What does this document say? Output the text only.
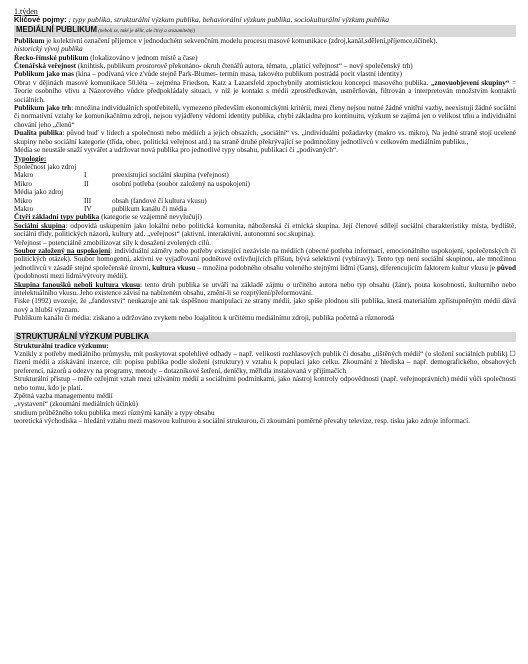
1.týden

Klíčové pojmy: ; typy publika, strukturální výzkum publika, behaviorální výzkum publika, sociokulturální výzkum publika

MEDIÁLNÍ PUBLIKUM (neboli se, také je dělit, ale čtivý a srozumitelný)

Publikum je kolektivní označení příjemce v jednoduchém sekvenčním modelu procesu masové komunikace (zdroj,kanál,sdělení,příjemce,účinek).

historický vývoj publika

Řecko-římské publikum (lokalizováno v jednom místě a čase)

Čtenářská veřejnost (knihtisk, publikum prostorově překonáno- okruh čtenářů autora, tématu, „platící veřejnost“ – nový společenský trh)

Publikum jako mas (kina – podívaná více z'vůde stejně Park-Blumer- termín masa, takovéto publikum postrádá pocit vlastní identity)

Obrat v dějinách masové komunikace 50.léta – zejména Friedson, Katz a Lazarsfeld zpochybnily atomistickou koncepci masového publika. „znovuobjevení skupiny“ = Teorie osobního vlivu a Názorového vůdce předpokládaly situaci, v níž je kontakt s médii zprostředkován, usměrňován, filtrován a interpretován množstvím kontaktů sociálních.

Publikum jako trh: množina individuálních spotřebitelů, vymezeno především ekonomickými kritérii, mezi členy nejsou nutné žádné vnitřní vazby, neexistují žádné sociální či normativní vztahy ke komunikačnímu zdroji, nejsou vyjádřeny vědomí identity publika, chybí základna pro kontinuitu, výzkum se zajímá jen o velikost trhu a individuální chování jeho „členů“

Dualita publika: původ buď v lidech a společnosti nebo médiích a jejich obsazích, „sociální“ vs. „individuální požadavky (makro vs. mikro), Na jedné straně stojí ucelené skupiny nebo sociální kategorie (třída, obec, politická veřejnost atd.) na straně druhé překrývající se podmnožiny jednotlivců v celkovém mediálním publiku.,

Média se neustále snaží vytvářet a udržovat nová publika pro jednotlivé typy obsahu, publikaci či „podívaných“.

Typologie:

Společnost jako zdroj

Makro	I	preexistující sociální skupina (veřejnost)
Mikro	II	osobní potřeba (soubor založený na uspokojení)

Média jako zdroj

Mikro	III	obsah (fandové či kultura vkusu)
Makro	IV	publikum kanálu či média

Čtyři základní typy publika (kategorie se vzájemně nevylučují)

Sociální skupina: odpovídá uskupením jako lokální nebo politická komunita, náboženská či etnická skupina. Její členové sdílejí sociální charakteristiky místa, bydliště, sociální třídy, politických názorů, kultury atd. „veřejnost“ (aktivní, interaktivní, autonomní soc.skupina).

Veřejnost – potenciálně zmobilizovat síly k dosažení zvolených cílů.

Soubor založený na uspokojení: individuální záměry nebo potřeby existující nezávisle na médiích (obecné potřeba informací, emocionálního uspokojení, společenských či politických otázek). Soubor homogenní, aktivní ve vyjadřovaní podnětové ovlivňujících příšun, bývá selektivní (vybíravý). Tento typ není sociální skupinou, ale množinou jednotlivců v zásadě stejné společenské úrovni, kultura vkusu – množina podobného obsahu voleného stejnými lidmi (Gans), diferencujícím faktorem kultur vkusu je původ (podobnosti mezi lidmi/výtvory médií).

Skupina fanoušků neboli kultura vkusu: tento druh publika se utváří na základě zájmu o určitého autora nebo typ obsahu (žánr), pouta kosobnosti, kulturního nebo intelektuálního vkusu. Jeho existence závisí na nabízeném obsahu, změní-li se rozptýlení/přeformování.

Fiske (1992) uvozuje, že „fandovství“ neukazuje ani tak úspěšnou manipulaci ze strany médií, jako spíše plodnou síli publika, která materiálům zpřístupněným médii dává nový a hlubší význam.

Publikum kanálu či média: získano a udržováno zvykem nebo loajalitou k určitému mediálnímu zdroji, publika početná a různorodá

STRUKTURÁLNÍ VÝZKUM PUBLIKA

Strukturální tradice výzkumu:

Vznikly z potřeby mediálního průmyslu, mít poskytovat spolehlivé odhady – např. velikosti rozhlasových publik či dosahu „tištěných médií“ (o složení sociálních publik) ☐ řízení médií a získávání inzerce, cíl: popisu publika podle složení (struktury) v vztahu k populaci jako celku. Zkoumání z hlediska – např. demografického, obsahových preferencí, názorů a odezvy na programy, metody – dotazníkové šetření, deníčky, měřidla instalovaná v přijímačích

Strukturální přístup – měře ozřejmit vztah mezi užíváním médií a sociálními podmínkami, jako nástroj kontroly odpovědnosti (např. veřejnoprávních) médií vůči společnosti nebo tomu, kdo je platí.

Zpětná vazba managementu médií

„vystavení“ (zkoumání mediálních účinků)

studium průběžného toku publika mezi různými kanály a typy obsahu

teoretická východiska – hledání vztahu mezi masovou kulturou a sociální strukturou, či zkoumání poměrné převahy televize, resp. tisku jako zdroje informací.
